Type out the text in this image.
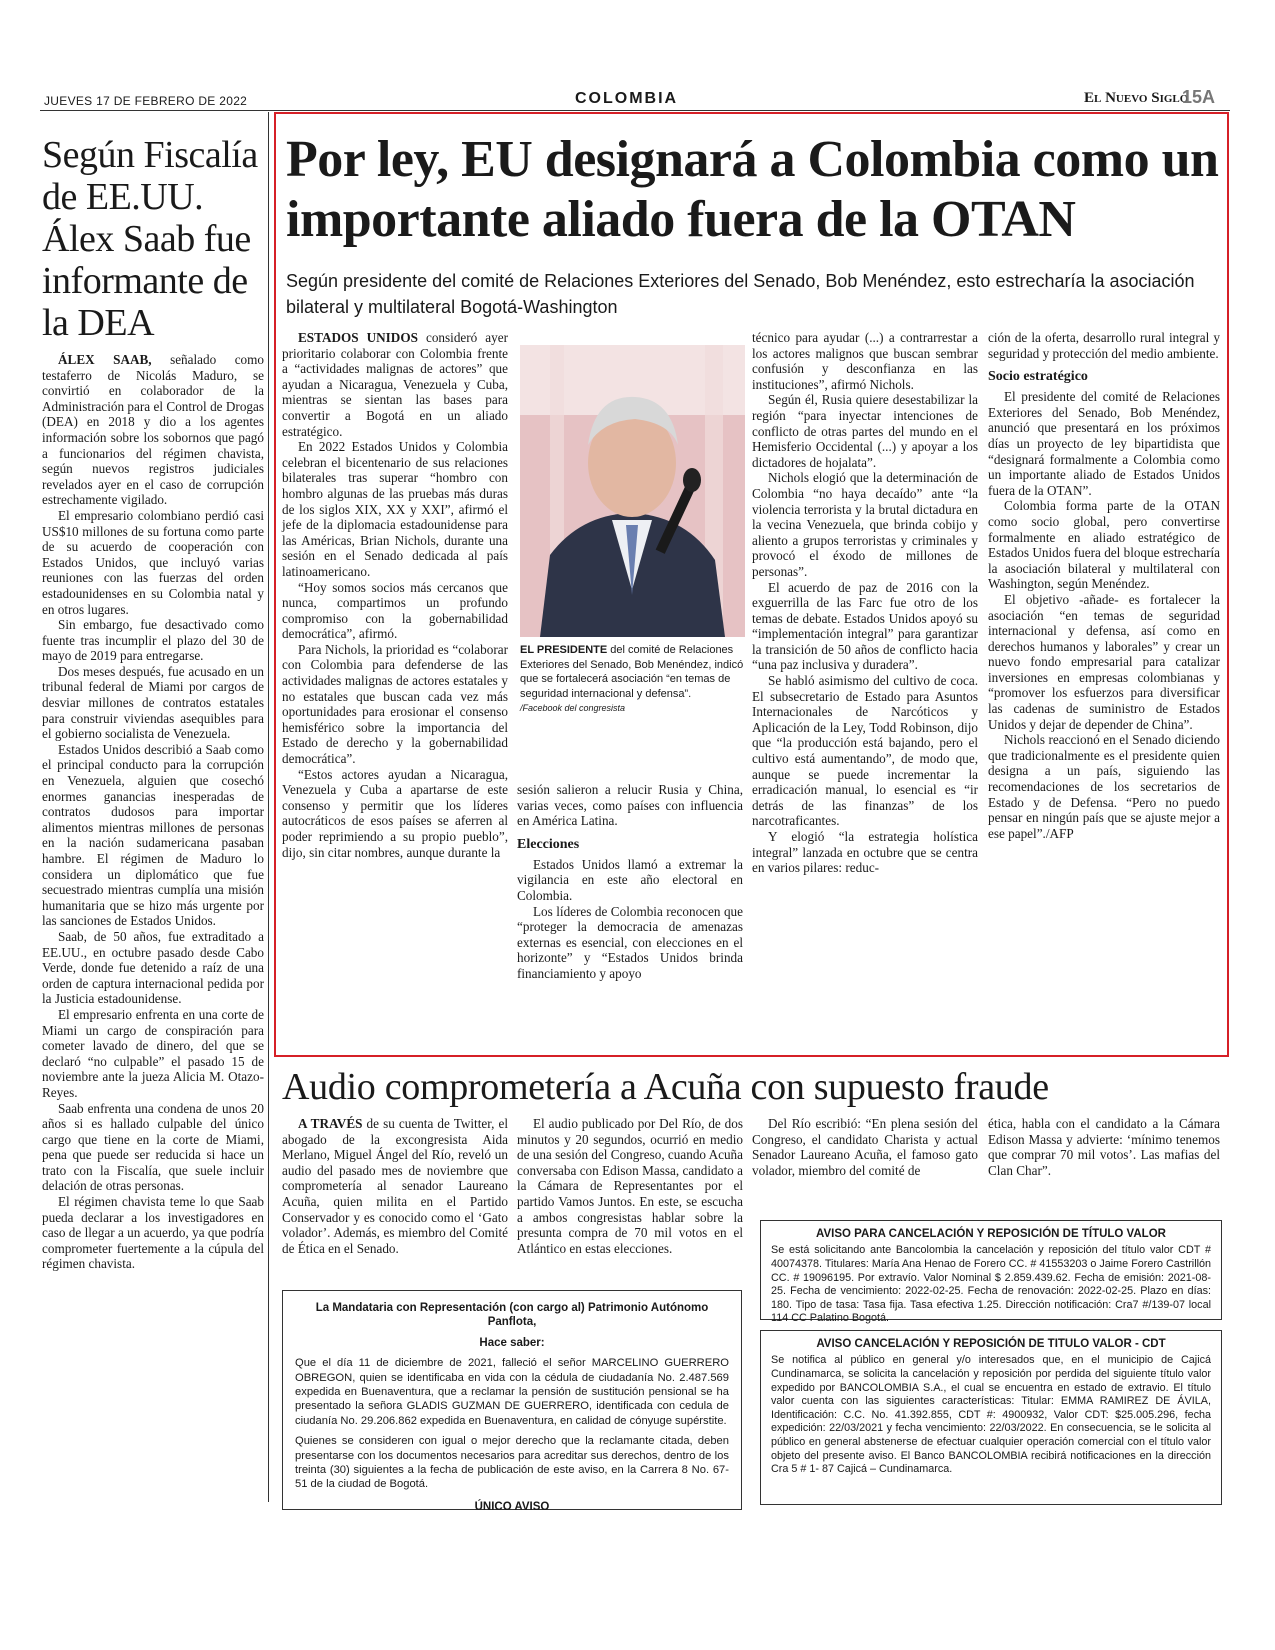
JUEVES 17 DE FEBRERO DE 2022	COLOMBIA	El Nuevo Siglo
15A
Según Fiscalía de EE.UU. Álex Saab fue informante de la DEA

ÁLEX SAAB, señalado como testaferro de Nicolás Maduro, se convirtió en colaborador de la Administración para el Control de Drogas (DEA) en 2018 y dio a los agentes información sobre los sobornos que pagó a funcionarios del régimen chavista, según nuevos registros judiciales revelados ayer en el caso de corrupción estrechamente vigilado.

El empresario colombiano perdió casi US$10 millones de su fortuna como parte de su acuerdo de cooperación con Estados Unidos, que incluyó varias reuniones con las fuerzas del orden estadounidenses en su Colombia natal y en otros lugares.

Sin embargo, fue desactivado como fuente tras incumplir el plazo del 30 de mayo de 2019 para entregarse.

Dos meses después, fue acusado en un tribunal federal de Miami por cargos de desviar millones de contratos estatales para construir viviendas asequibles para el gobierno socialista de Venezuela.

Estados Unidos describió a Saab como el principal conducto para la corrupción en Venezuela, alguien que cosechó enormes ganancias inesperadas de contratos dudosos para importar alimentos mientras millones de personas en la nación sudamericana pasaban hambre. El régimen de Maduro lo considera un diplomático que fue secuestrado mientras cumplía una misión humanitaria que se hizo más urgente por las sanciones de Estados Unidos.

Saab, de 50 años, fue extraditado a EE.UU., en octubre pasado desde Cabo Verde, donde fue detenido a raíz de una orden de captura internacional pedida por la Justicia estadounidense.

El empresario enfrenta en una corte de Miami un cargo de conspiración para cometer lavado de dinero, del que se declaró “no culpable” el pasado 15 de noviembre ante la jueza Alicia M. Otazo-Reyes.

Saab enfrenta una condena de unos 20 años si es hallado culpable del único cargo que tiene en la corte de Miami, pena que puede ser reducida si hace un trato con la Fiscalía, que suele incluir delación de otras personas.

El régimen chavista teme lo que Saab pueda declarar a los investigadores en caso de llegar a un acuerdo, ya que podría comprometer fuertemente a la cúpula del régimen chavista.

Por ley, EU designará a Colombia como un importante aliado fuera de la OTAN
Según presidente del comité de Relaciones Exteriores del Senado, Bob Menéndez, esto estrecharía la asociación bilateral y multilateral Bogotá-Washington

ESTADOS UNIDOS consideró ayer prioritario colaborar con Colombia frente a “actividades malignas de actores” que ayudan a Nicaragua, Venezuela y Cuba, mientras se sientan las bases para convertir a Bogotá en un aliado estratégico.

En 2022 Estados Unidos y Colombia celebran el bicentenario de sus relaciones bilaterales tras superar “hombro con hombro algunas de las pruebas más duras de los siglos XIX, XX y XXI”, afirmó el jefe de la diplomacia estadounidense para las Américas, Brian Nichols, durante una sesión en el Senado dedicada al país latinoamericano.

“Hoy somos socios más cercanos que nunca, compartimos un profundo compromiso con la gobernabilidad democrática”, afirmó.

Para Nichols, la prioridad es “colaborar con Colombia para defenderse de las actividades malignas de actores estatales y no estatales que buscan cada vez más oportunidades para erosionar el consenso hemisférico sobre la importancia del Estado de derecho y la gobernabilidad democrática”.

“Estos actores ayudan a Nicaragua, Venezuela y Cuba a apartarse de este consenso y permitir que los líderes autocráticos de esos países se aferren al poder reprimiendo a su propio pueblo”, dijo, sin citar nombres, aunque durante la

EL PRESIDENTE del comité de Relaciones Exteriores del Senado, Bob Menéndez, indicó que se fortalecerá asociación “en temas de seguridad internacional y defensa”.
/Facebook del congresista

sesión salieron a relucir Rusia y China, varias veces, como países con influencia en América Latina.

Elecciones

Estados Unidos llamó a extremar la vigilancia en este año electoral en Colombia.

Los líderes de Colombia reconocen que “proteger la democracia de amenazas externas es esencial, con elecciones en el horizonte” y “Estados Unidos brinda financiamiento y apoyo

técnico para ayudar (...) a contrarrestar a los actores malignos que buscan sembrar confusión y desconfianza en las instituciones”, afirmó Nichols.

Según él, Rusia quiere desestabilizar la región “para inyectar intenciones de conflicto de otras partes del mundo en el Hemisferio Occidental (...) y apoyar a los dictadores de hojalata”.

Nichols elogió que la determinación de Colombia “no haya decaído” ante “la violencia terrorista y la brutal dictadura en la vecina Venezuela, que brinda cobijo y aliento a grupos terroristas y criminales y provocó el éxodo de millones de personas”.

El acuerdo de paz de 2016 con la exguerrilla de las Farc fue otro de los temas de debate. Estados Unidos apoyó su “implementación integral” para garantizar la transición de 50 años de conflicto hacia “una paz inclusiva y duradera”.

Se habló asimismo del cultivo de coca. El subsecretario de Estado para Asuntos Internacionales de Narcóticos y Aplicación de la Ley, Todd Robinson, dijo que “la producción está bajando, pero el cultivo está aumentando”, de modo que, aunque se puede incrementar la erradicación manual, lo esencial es “ir detrás de las finanzas” de los narcotraficantes.

Y elogió “la estrategia holística integral” lanzada en octubre que se centra en varios pilares: reduc-

ción de la oferta, desarrollo rural integral y seguridad y protección del medio ambiente.

Socio estratégico

El presidente del comité de Relaciones Exteriores del Senado, Bob Menéndez, anunció que presentará en los próximos días un proyecto de ley bipartidista que “designará formalmente a Colombia como un importante aliado de Estados Unidos fuera de la OTAN”.

Colombia forma parte de la OTAN como socio global, pero convertirse formalmente en aliado estratégico de Estados Unidos fuera del bloque estrecharía la asociación bilateral y multilateral con Washington, según Menéndez.

El objetivo -añade- es fortalecer la asociación “en temas de seguridad internacional y defensa, así como en derechos humanos y laborales” y crear un nuevo fondo empresarial para catalizar inversiones en empresas colombianas y “promover los esfuerzos para diversificar las cadenas de suministro de Estados Unidos y dejar de depender de China”.

Nichols reaccionó en el Senado diciendo que tradicionalmente es el presidente quien designa a un país, siguiendo las recomendaciones de los secretarios de Estado y de Defensa. “Pero no puedo pensar en ningún país que se ajuste mejor a ese papel”./AFP

Audio comprometería a Acuña con supuesto fraude

A TRAVÉS de su cuenta de Twitter, el abogado de la excongresista Aida Merlano, Miguel Ángel del Río, reveló un audio del pasado mes de noviembre que comprometería al senador Laureano Acuña, quien milita en el Partido Conservador y es conocido como el ‘Gato volador’. Además, es miembro del Comité de Ética en el Senado.

El audio publicado por Del Río, de dos minutos y 20 segundos, ocurrió en medio de una sesión del Congreso, cuando Acuña conversaba con Edison Massa, candidato a la Cámara de Representantes por el partido Vamos Juntos. En este, se escucha a ambos congresistas hablar sobre la presunta compra de 70 mil votos en el Atlántico en estas elecciones.

Del Río escribió: “En plena sesión del Congreso, el candidato Charista y actual Senador Laureano Acuña, el famoso gato volador, miembro del comité de

ética, habla con el candidato a la Cámara Edison Massa y advierte: ‘mínimo tenemos que comprar 70 mil votos’. Las mafias del Clan Char”.

La Mandataria con Representación (con cargo al) Patrimonio Autónomo Panflota,
Hace saber:

Que el día 11 de diciembre de 2021, falleció el señor MARCELINO GUERRERO OBREGON, quien se identificaba en vida con la cédula de ciudadanía No. 2.487.569 expedida en Buenaventura, que a reclamar la pensión de sustitución pensional se ha presentado la señora GLADIS GUZMAN DE GUERRERO, identificada con cedula de ciudanía No. 29.206.862 expedida en Buenaventura, en calidad de cónyuge supérstite.

Quienes se consideren con igual o mejor derecho que la reclamante citada, deben presentarse con los documentos necesarios para acreditar sus derechos, dentro de los treinta (30) siguientes a la fecha de publicación de este aviso, en la Carrera 8 No. 67-51 de la ciudad de Bogotá.

ÚNICO AVISO
AVISO PARA CANCELACIÓN Y REPOSICIÓN DE TÍTULO VALOR

Se está solicitando ante Bancolombia la cancelación y reposición del título valor CDT # 40074378. Titulares: María Ana Henao de Forero CC. # 41553203 o Jaime Forero Castrillón CC. # 19096195. Por extravío. Valor Nominal $ 2.859.439.62. Fecha de emisión: 2021-08-25. Fecha de vencimiento: 2022-02-25. Fecha de renovación: 2022-02-25. Plazo en días: 180. Tipo de tasa: Tasa fija. Tasa efectiva 1.25. Dirección notificación: Cra7 #/139-07 local 114 CC Palatino Bogotá.

AVISO CANCELACIÓN Y REPOSICIÓN DE TITULO VALOR - CDT

Se notifica al público en general y/o interesados que, en el municipio de Cajicá Cundinamarca, se solicita la cancelación y reposición por perdida del siguiente título valor expedido por BANCOLOMBIA S.A., el cual se encuentra en estado de extravio. El título valor cuenta con las siguientes características: Titular: EMMA RAMIREZ DE ÁVILA, Identificación: C.C. No. 41.392.855, CDT #: 4900932, Valor CDT: $25.005.296, fecha expedición: 22/03/2021 y fecha vencimiento: 22/03/2022. En consecuencia, se le solicita al público en general abstenerse de efectuar cualquier operación comercial con el título valor objeto del presente aviso. El Banco BANCOLOMBIA recibirá notificaciones en la dirección Cra 5 # 1- 87 Cajicá – Cundinamarca.
